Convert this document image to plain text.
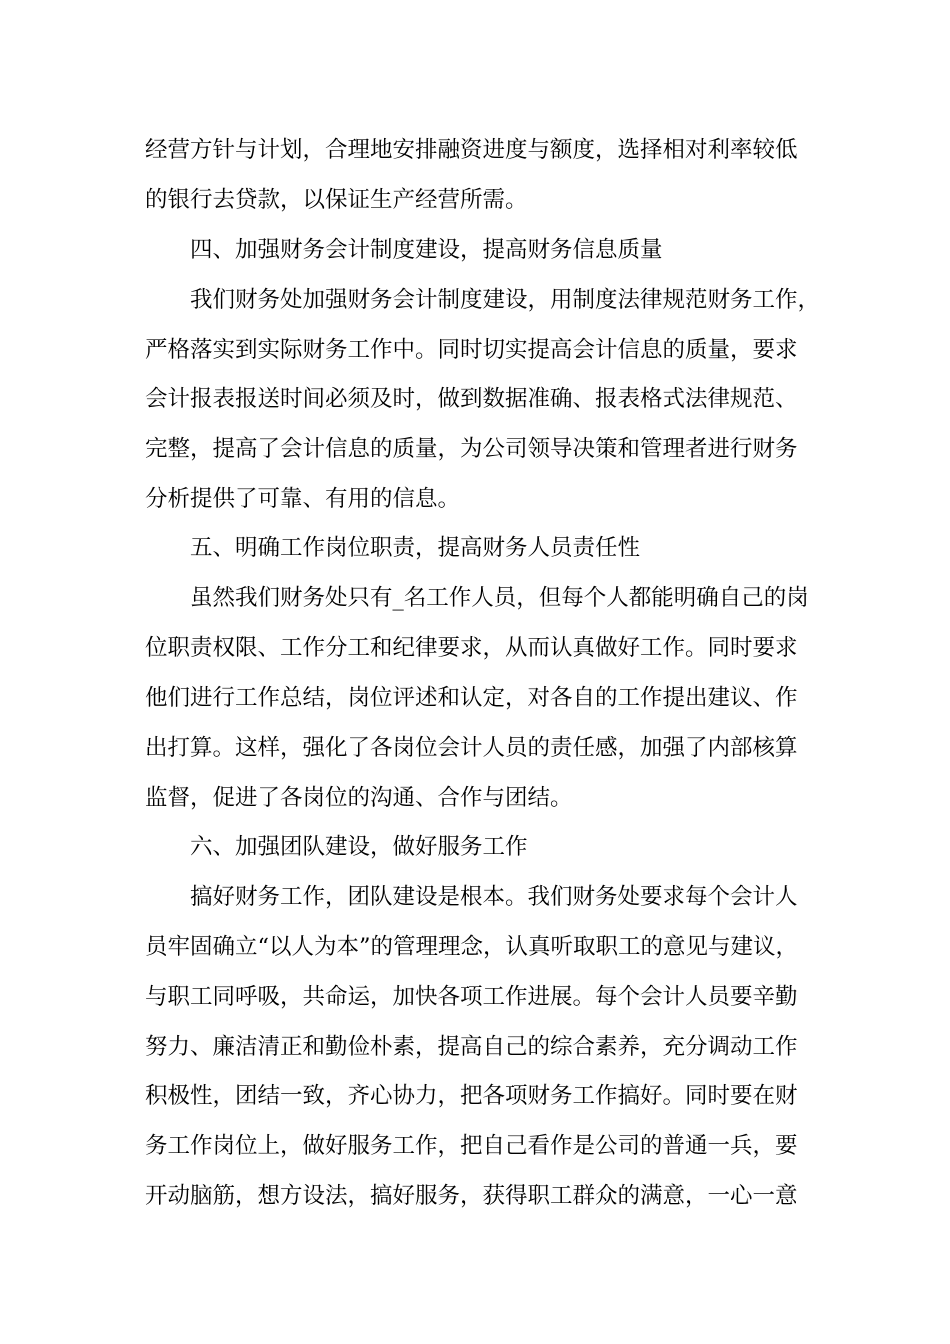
经营方针与计划，合理地安排融资进度与额度，选择相对利率较低
的银行去贷款，以保证生产经营所需。
四、加强财务会计制度建设，提高财务信息质量
我们财务处加强财务会计制度建设，用制度法律规范财务工作，
严格落实到实际财务工作中。同时切实提高会计信息的质量，要求
会计报表报送时间必须及时，做到数据准确、报表格式法律规范、
完整，提高了会计信息的质量，为公司领导决策和管理者进行财务
分析提供了可靠、有用的信息。
五、明确工作岗位职责，提高财务人员责任性
虽然我们财务处只有_名工作人员，但每个人都能明确自己的岗
位职责权限、工作分工和纪律要求，从而认真做好工作。同时要求
他们进行工作总结，岗位评述和认定，对各自的工作提出建议、作
出打算。这样，强化了各岗位会计人员的责任感，加强了内部核算
监督，促进了各岗位的沟通、合作与团结。
六、加强团队建设，做好服务工作
搞好财务工作，团队建设是根本。我们财务处要求每个会计人
员牢固确立“以人为本”的管理理念，认真听取职工的意见与建议，
与职工同呼吸，共命运，加快各项工作进展。每个会计人员要辛勤
努力、廉洁清正和勤俭朴素，提高自己的综合素养，充分调动工作
积极性，团结一致，齐心协力，把各项财务工作搞好。同时要在财
务工作岗位上，做好服务工作，把自己看作是公司的普通一兵，要
开动脑筋，想方设法，搞好服务，获得职工群众的满意，一心一意
